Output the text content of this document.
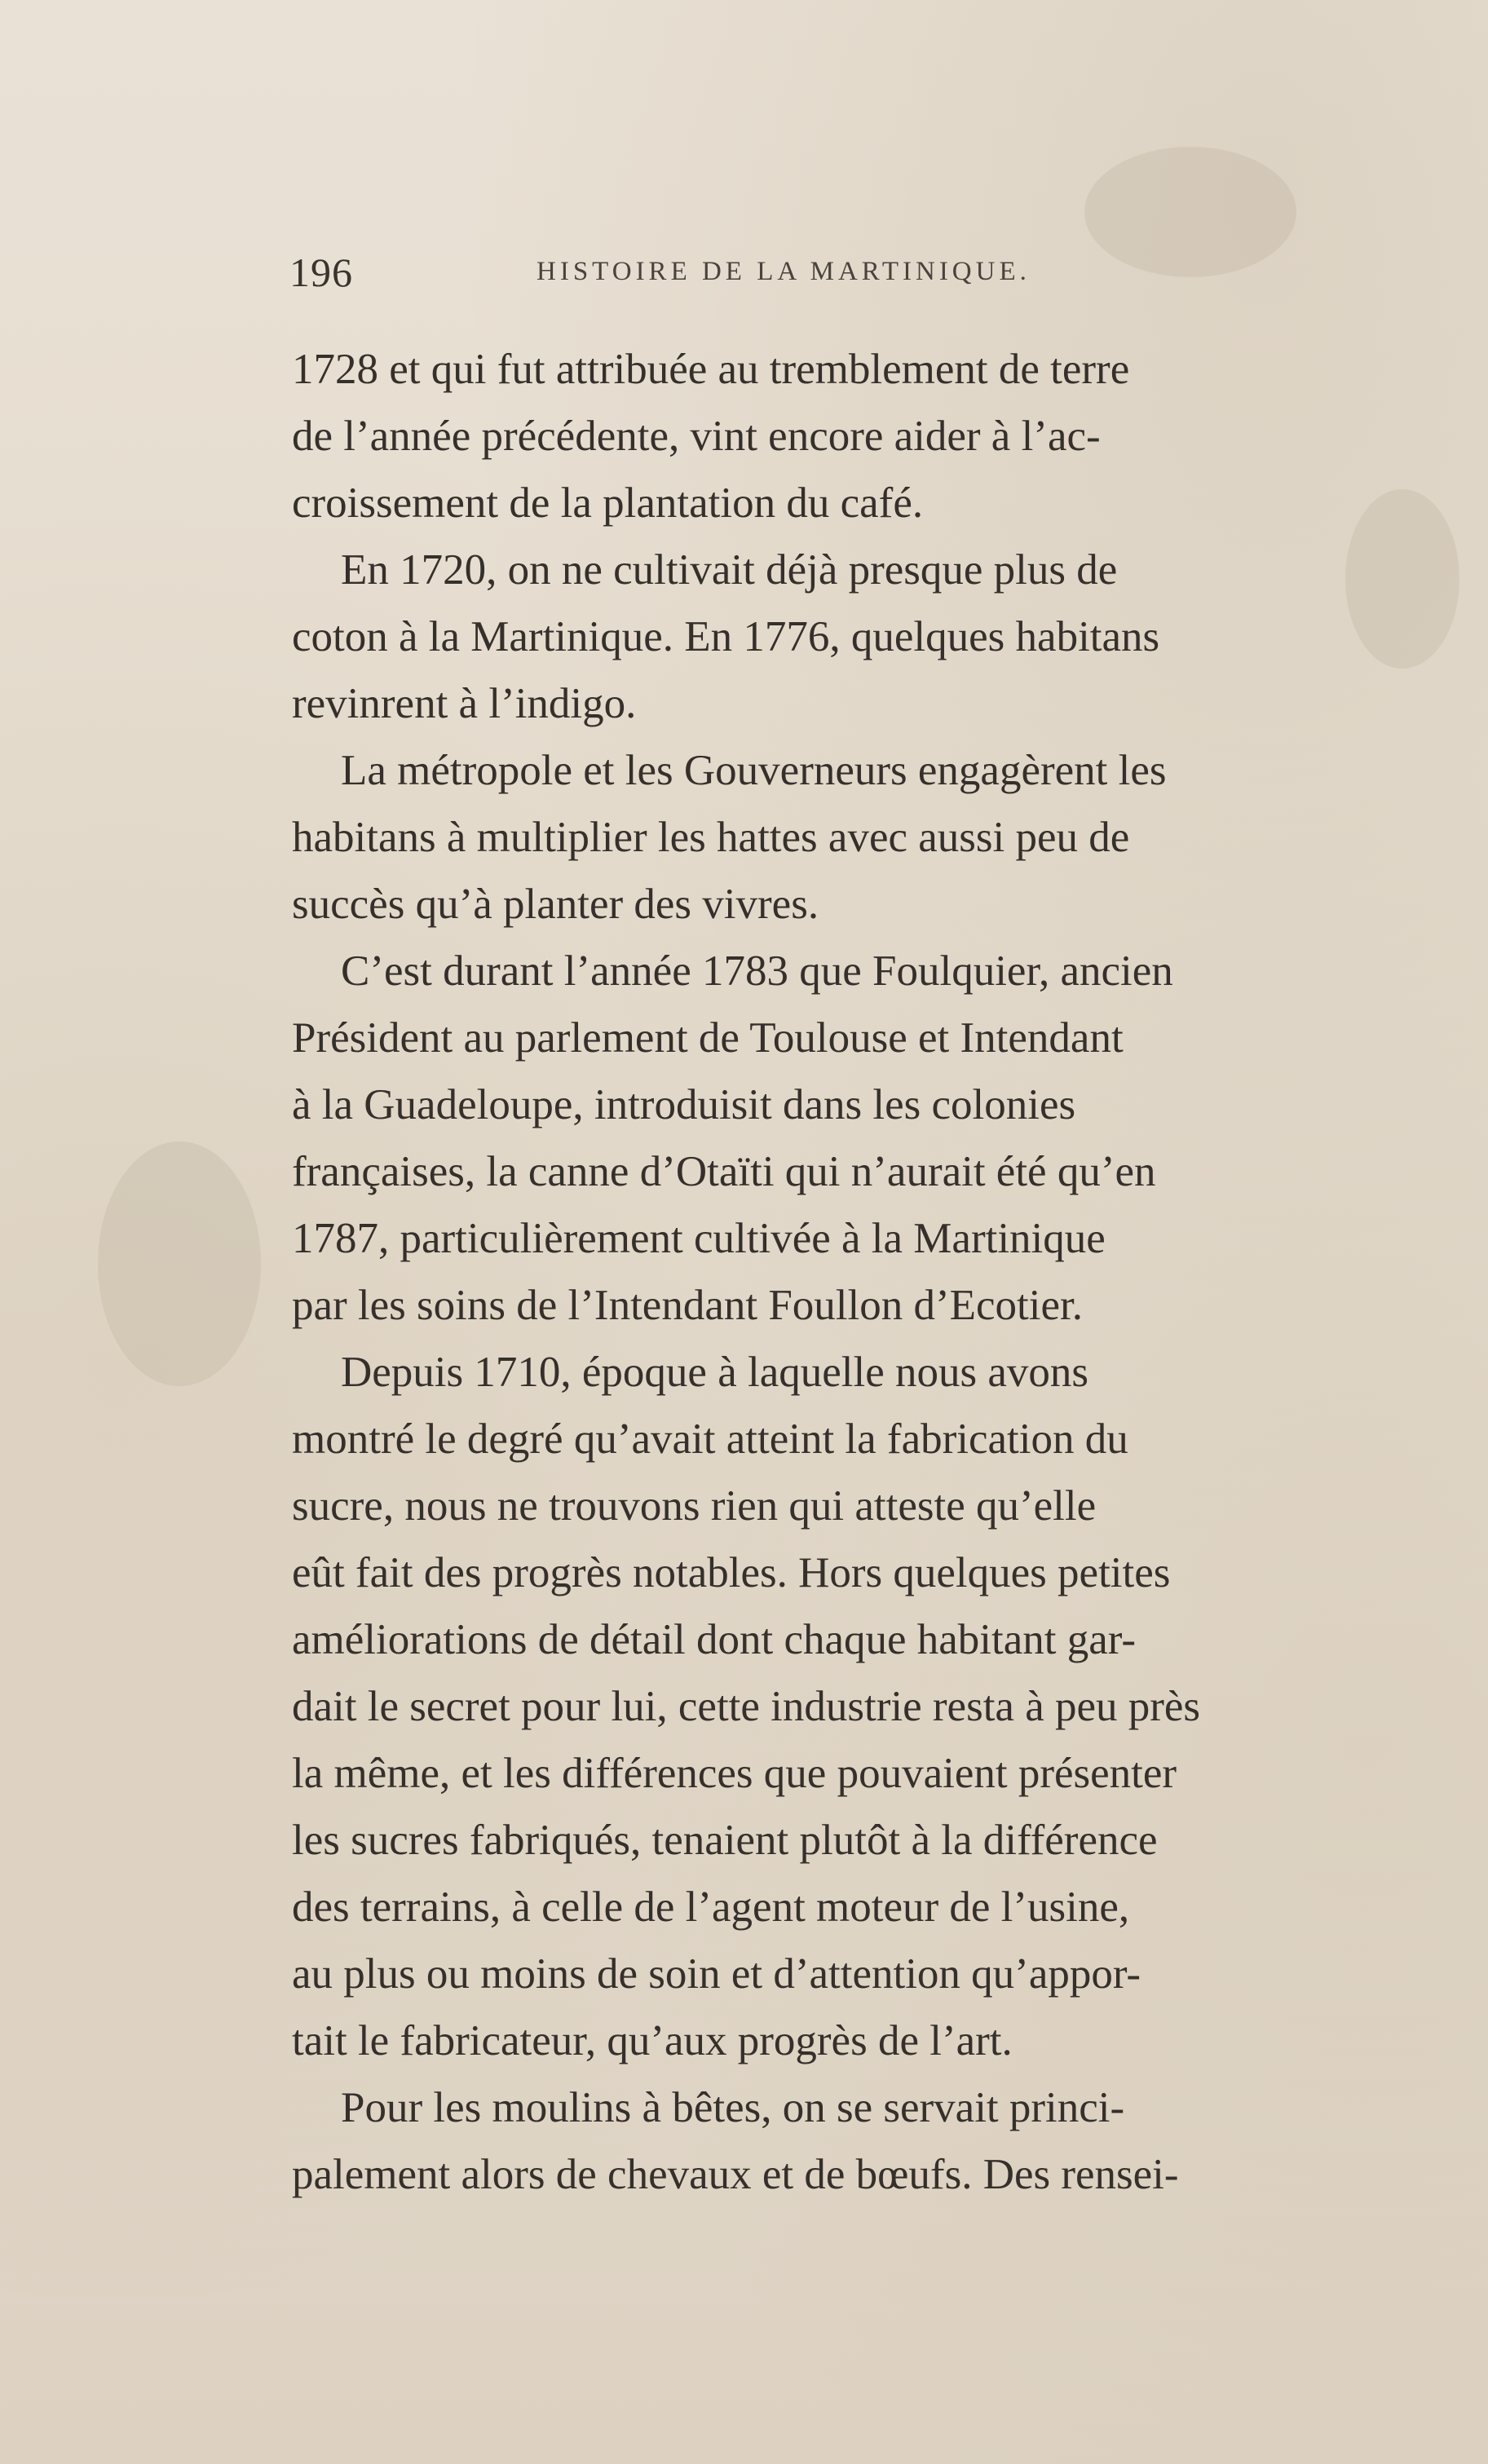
196	HISTOIRE DE LA MARTINIQUE.
1728 et qui fut attribuée au tremblement de terre
de l’année précédente, vint encore aider à l’ac-
croissement de la plantation du café.
En 1720, on ne cultivait déjà presque plus de
coton à la Martinique. En 1776, quelques habitans
revinrent à l’indigo.
La métropole et les Gouverneurs engagèrent les
habitans à multiplier les hattes avec aussi peu de
succès qu’à planter des vivres.
C’est durant l’année 1783 que Foulquier, ancien
Président au parlement de Toulouse et Intendant
à la Guadeloupe, introduisit dans les colonies
françaises, la canne d’Otaïti qui n’aurait été qu’en
1787, particulièrement cultivée à la Martinique
par les soins de l’Intendant Foullon d’Ecotier.
Depuis 1710, époque à laquelle nous avons
montré le degré qu’avait atteint la fabrication du
sucre, nous ne trouvons rien qui atteste qu’elle
eût fait des progrès notables. Hors quelques petites
améliorations de détail dont chaque habitant gar-
dait le secret pour lui, cette industrie resta à peu près
la même, et les différences que pouvaient présenter
les sucres fabriqués, tenaient plutôt à la différence
des terrains, à celle de l’agent moteur de l’usine,
au plus ou moins de soin et d’attention qu’appor-
tait le fabricateur, qu’aux progrès de l’art.
Pour les moulins à bêtes, on se servait princi-
palement alors de chevaux et de bœufs. Des rensei-
